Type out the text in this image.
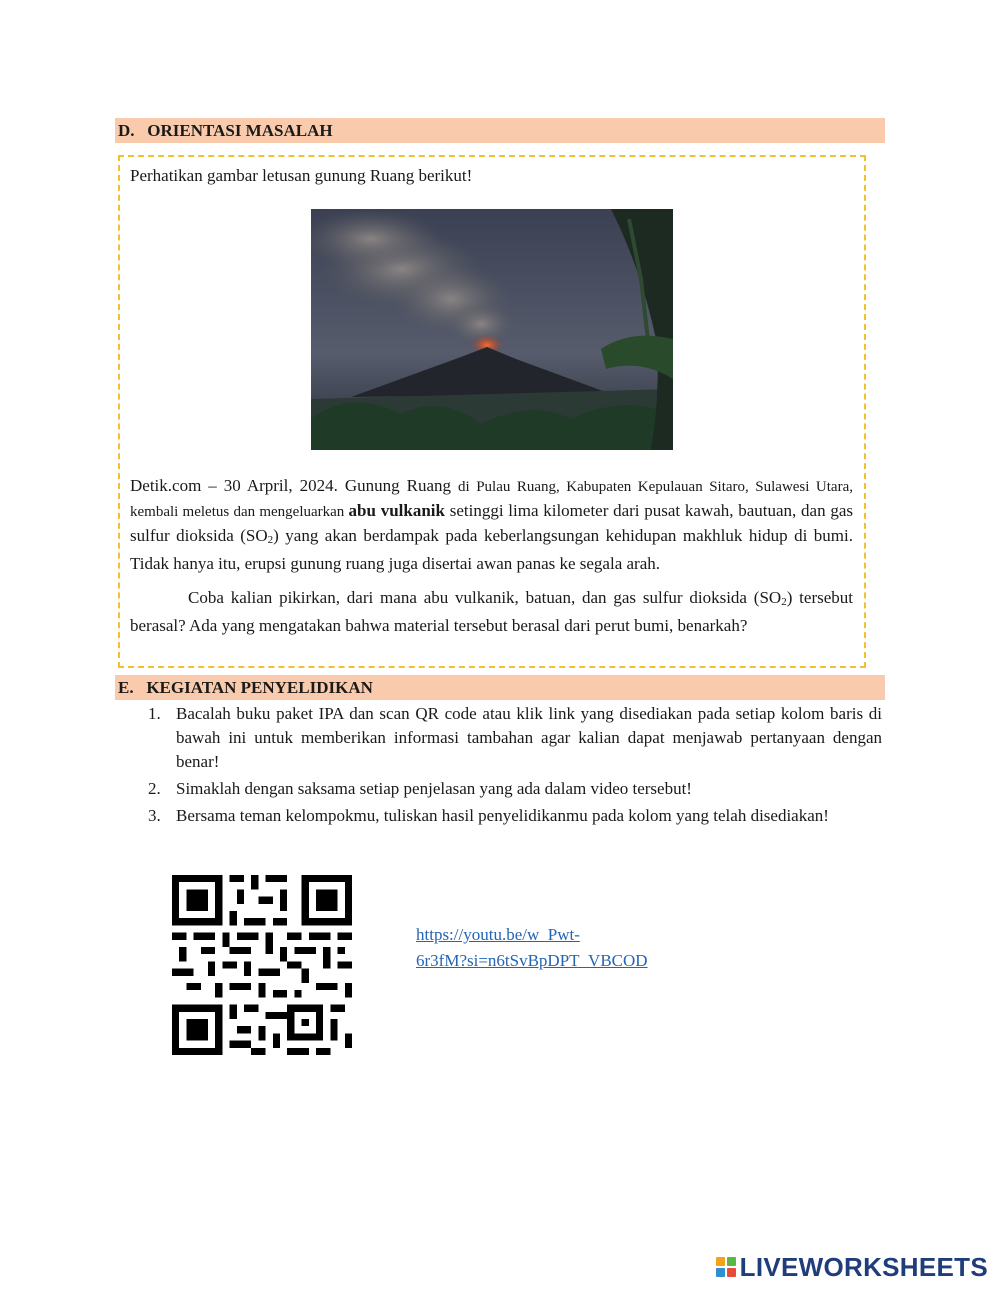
D.   ORIENTASI MASALAH
Perhatikan gambar letusan gunung Ruang berikut!

Detik.com – 30 Arpril, 2024. Gunung Ruang di Pulau Ruang, Kabupaten Kepulauan Sitaro, Sulawesi Utara, kembali meletus dan mengeluarkan abu vulkanik setinggi lima kilometer dari pusat kawah, bautuan, dan gas sulfur dioksida $(SO_2)$ yang akan berdampak pada keberlangsungan kehidupan makhluk hidup di bumi. Tidak hanya itu, erupsi gunung ruang juga disertai awan panas ke segala arah.

Coba kalian pikirkan, dari mana abu vulkanik, batuan, dan gas sulfur dioksida $(SO_2)$ tersebut berasal? Ada yang mengatakan bahwa material tersebut berasal dari perut bumi, benarkah?

E.   KEGIATAN PENYELIDIKAN
1. Bacalah buku paket IPA dan scan QR code atau klik link yang disediakan pada setiap kolom baris di bawah ini untuk memberikan informasi tambahan agar kalian dapat menjawab pertanyaan dengan benar!
2. Simaklah dengan saksama setiap penjelasan yang ada dalam video tersebut!
3. Bersama teman kelompokmu, tuliskan hasil penyelidikanmu pada kolom yang telah disediakan!
https://youtu.be/w_Pwt-
6r3fM?si=n6tSvBpDPT_VBCOD
LIVEWORKSHEETS
